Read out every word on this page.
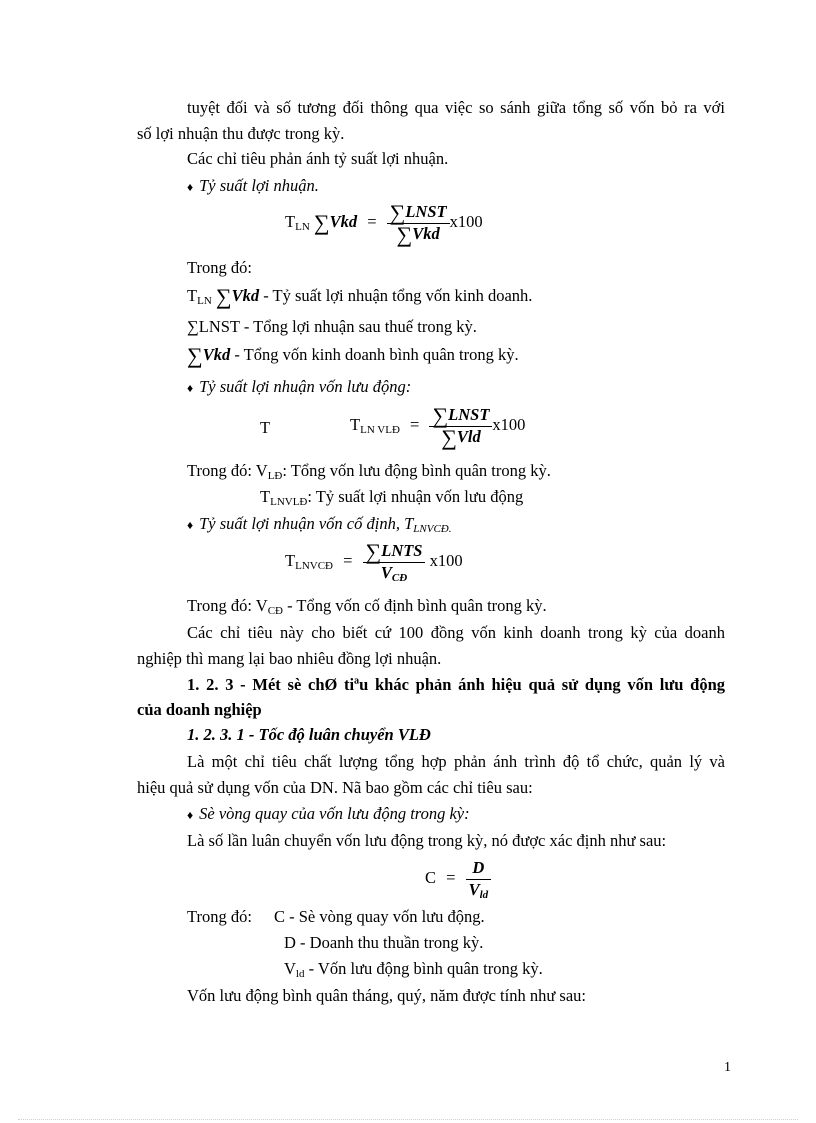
tuyệt đối và số tương đối thông qua việc so sánh giữa tổng số vốn bỏ ra với
số lợi nhuận thu được trong kỳ.
Các chỉ tiêu phản ánh tỷ suất lợi nhuận.
♦ Tỷ suất lợi nhuận.
$T_{LN}$ $\sum Vkd = \frac{\text{∑LNST}}{\text{∑Vkd}} x100$
Trong đó:
$T_{LN}$ ∑Vkd - Tỷ suất lợi nhuận tổng vốn kinh doanh.
∑LNST - Tổng lợi nhuận sau thuế trong kỳ.
∑Vkd - Tổng vốn kinh doanh bình quân trong kỳ.
♦ Tỷ suất lợi nhuận vốn lưu động:
T	$T_{LN VLĐ} = \frac{\text{∑LNST}}{\text{∑Vld}} x100$
Trong đó: $V_{LĐ}$: Tổng vốn lưu động bình quân trong kỳ.
$T_{LNVLĐ}$: Tỷ suất lợi nhuận vốn lưu động
♦ Tỷ suất lợi nhuận vốn cố định, $T_{LNVCĐ.}$
$T_{LNVCĐ} = \frac{\text{∑LNTS}}{V_{CĐ}} x100$
Trong đó: $V_{CĐ}$ - Tổng vốn cố định bình quân trong kỳ.
Các chỉ tiêu này cho biết cứ 100 đồng vốn kinh doanh trong kỳ của doanh
nghiệp thì mang lại bao nhiêu đồng lợi nhuận.
1. 2. 3 - Mét sè chØ tiªu khác phản ánh hiệu quả sử dụng vốn lưu động
của doanh nghiệp
1. 2. 3. 1 - Tốc độ luân chuyển VLĐ
Là một chỉ tiêu chất lượng tổng hợp phản ánh trình độ tổ chức, quản lý và
hiệu quả sử dụng vốn của DN. Nã bao gồm các chỉ tiêu sau:
♦ Sè vòng quay của vốn lưu động trong kỳ:
Là số lần luân chuyển vốn lưu động trong kỳ, nó được xác định như sau:
$C = \frac{D}{V_{ld}}$
Trong đó: C - Sè vòng quay vốn lưu động.
D - Doanh thu thuần trong kỳ.
$V_{ld}$ - Vốn lưu động bình quân trong kỳ.
Vốn lưu động bình quân tháng, quý, năm được tính như sau:
1
